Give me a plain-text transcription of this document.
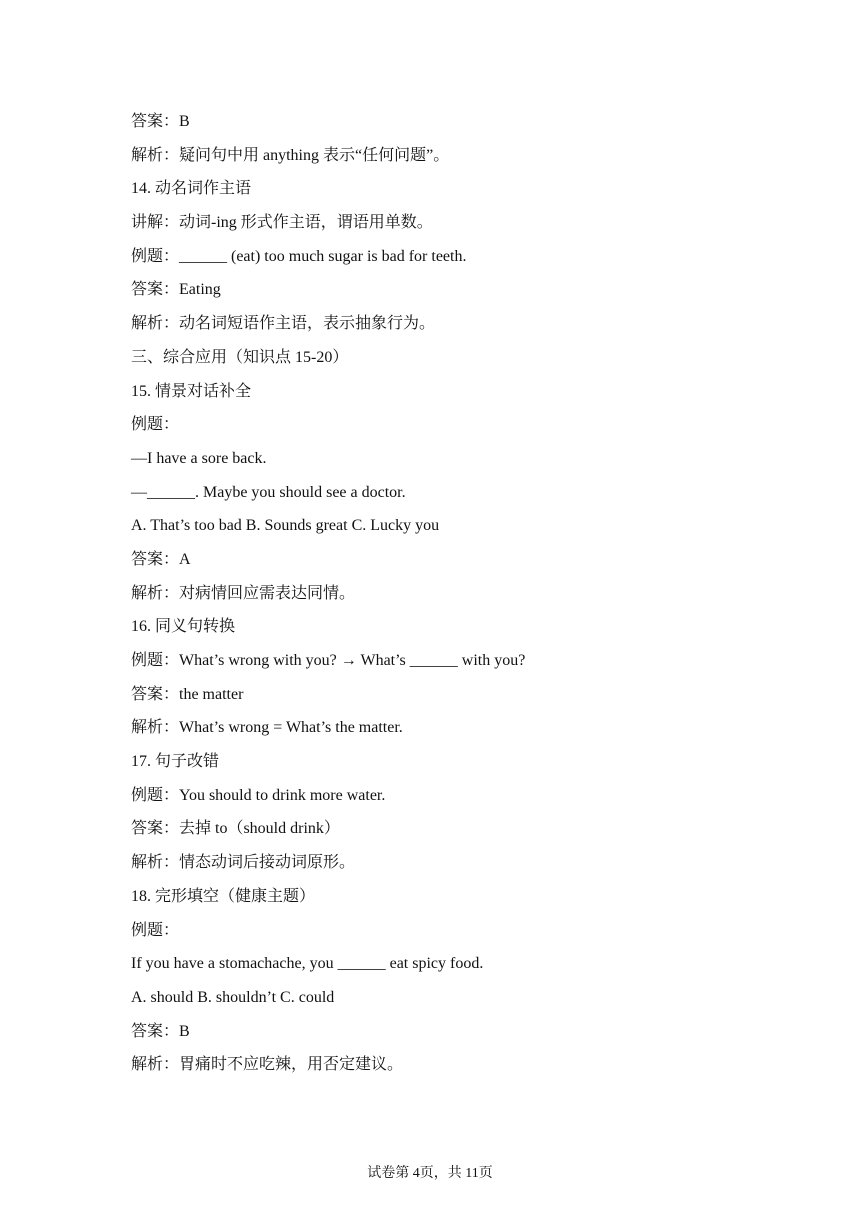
答案：B
解析：疑问句中用 anything 表示“任何问题”。
14. 动名词作主语
讲解：动词-ing 形式作主语，谓语用单数。
例题：______ (eat) too much sugar is bad for teeth.
答案：Eating
解析：动名词短语作主语，表示抽象行为。
三、综合应用（知识点 15-20）
15. 情景对话补全
例题：
—I have a sore back.
—______. Maybe you should see a doctor.
A. That’s too bad B. Sounds great C. Lucky you
答案：A
解析：对病情回应需表达同情。
16. 同义句转换
例题：What’s wrong with you? → What’s ______ with you?
答案：the matter
解析：What’s wrong = What’s the matter.
17. 句子改错
例题：You should to drink more water.
答案：去掉 to（should drink）
解析：情态动词后接动词原形。
18. 完形填空（健康主题）
例题：
If you have a stomachache, you ______ eat spicy food.
A. should B. shouldn’t C. could
答案：B
解析：胃痛时不应吃辣，用否定建议。
试卷第 4页，共 11页
